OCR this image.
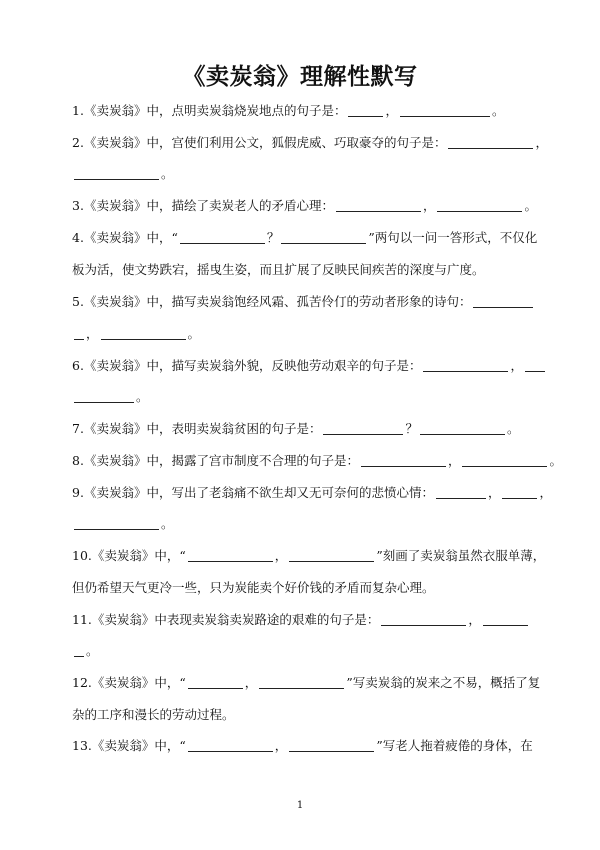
《卖炭翁》理解性默写
1.《卖炭翁》中，点明卖炭翁烧炭地点的句子是：	，	。
2.《卖炭翁》中，宫使们利用公文，狐假虎威、巧取豪夺的句子是：	，
。
3.《卖炭翁》中，描绘了卖炭老人的矛盾心理：	，	。
4.《卖炭翁》中，“	？	”两句以一问一答形式，不仅化
板为活，使文势跌宕，摇曳生姿，而且扩展了反映民间疾苦的深度与广度。
5.《卖炭翁》中，描写卖炭翁饱经风霜、孤苦伶仃的劳动者形象的诗句：
，	。
6.《卖炭翁》中，描写卖炭翁外貌，反映他劳动艰辛的句子是：	，
。
7.《卖炭翁》中，表明卖炭翁贫困的句子是：	？	。
8.《卖炭翁》中，揭露了宫市制度不合理的句子是：	，	。
9.《卖炭翁》中，写出了老翁痛不欲生却又无可奈何的悲愤心情：	，	，
。
10.《卖炭翁》中，“	，	”刻画了卖炭翁虽然衣服单薄，
但仍希望天气更冷一些，只为炭能卖个好价钱的矛盾而复杂心理。
11.《卖炭翁》中表现卖炭翁卖炭路途的艰难的句子是：	，
。
12.《卖炭翁》中，“	，	”写卖炭翁的炭来之不易，概括了复
杂的工序和漫长的劳动过程。
13.《卖炭翁》中，“	，	”写老人拖着疲倦的身体，在
1
